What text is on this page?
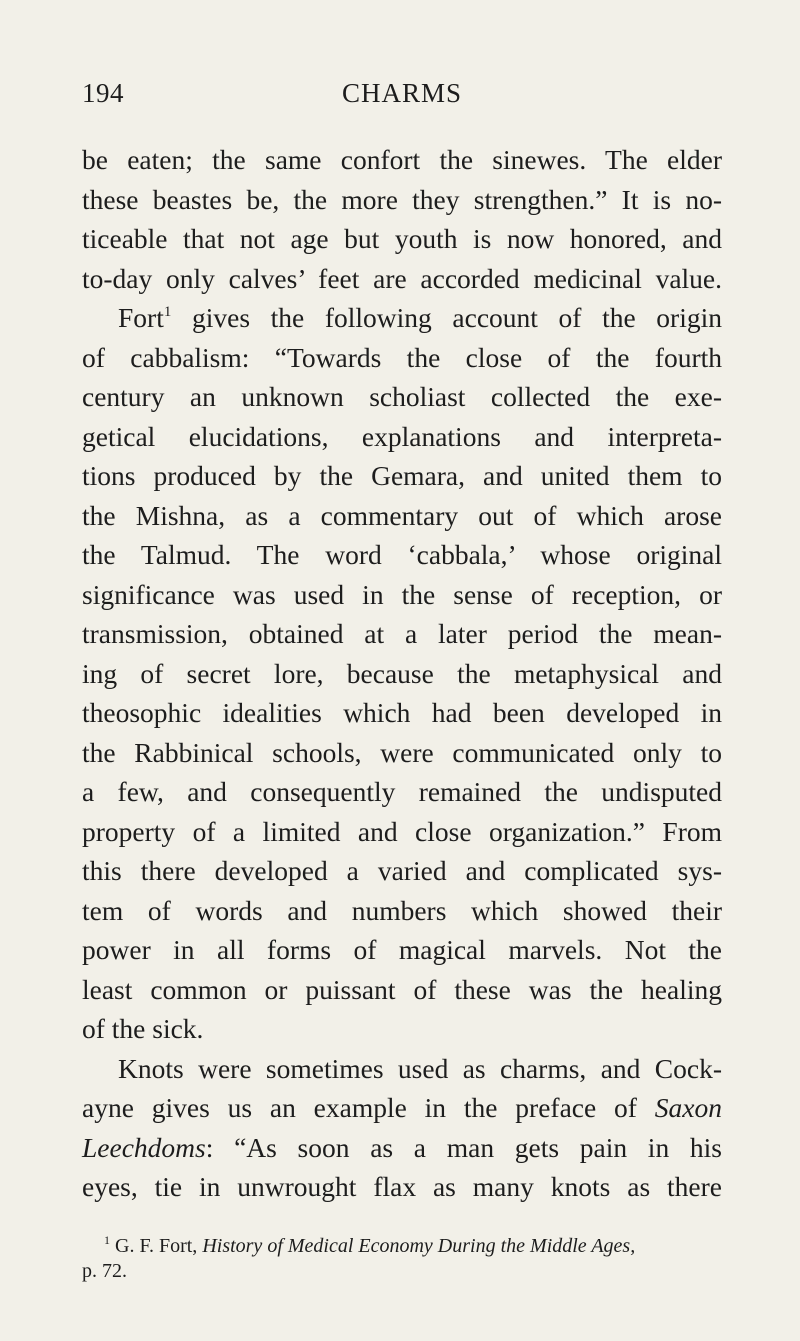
194	CHARMS
be eaten; the same confort the sinewes. The elder
these beastes be, the more they strengthen.” It is no-
ticeable that not age but youth is now honored, and
to-day only calves’ feet are accorded medicinal value.
Fort$^1$ gives the following account of the origin
of cabbalism: “Towards the close of the fourth
century an unknown scholiast collected the exe-
getical elucidations, explanations and interpreta-
tions produced by the Gemara, and united them to
the Mishna, as a commentary out of which arose
the Talmud. The word ‘cabbala,’ whose original
significance was used in the sense of reception, or
transmission, obtained at a later period the mean-
ing of secret lore, because the metaphysical and
theosophic idealities which had been developed in
the Rabbinical schools, were communicated only to
a few, and consequently remained the undisputed
property of a limited and close organization.” From
this there developed a varied and complicated sys-
tem of words and numbers which showed their
power in all forms of magical marvels. Not the
least common or puissant of these was the healing
of the sick.
Knots were sometimes used as charms, and Cock-
ayne gives us an example in the preface of Saxon
Leechdoms: “As soon as a man gets pain in his
eyes, tie in unwrought flax as many knots as there
$^1$ G. F. Fort, History of Medical Economy During the Middle Ages,
p. 72.
